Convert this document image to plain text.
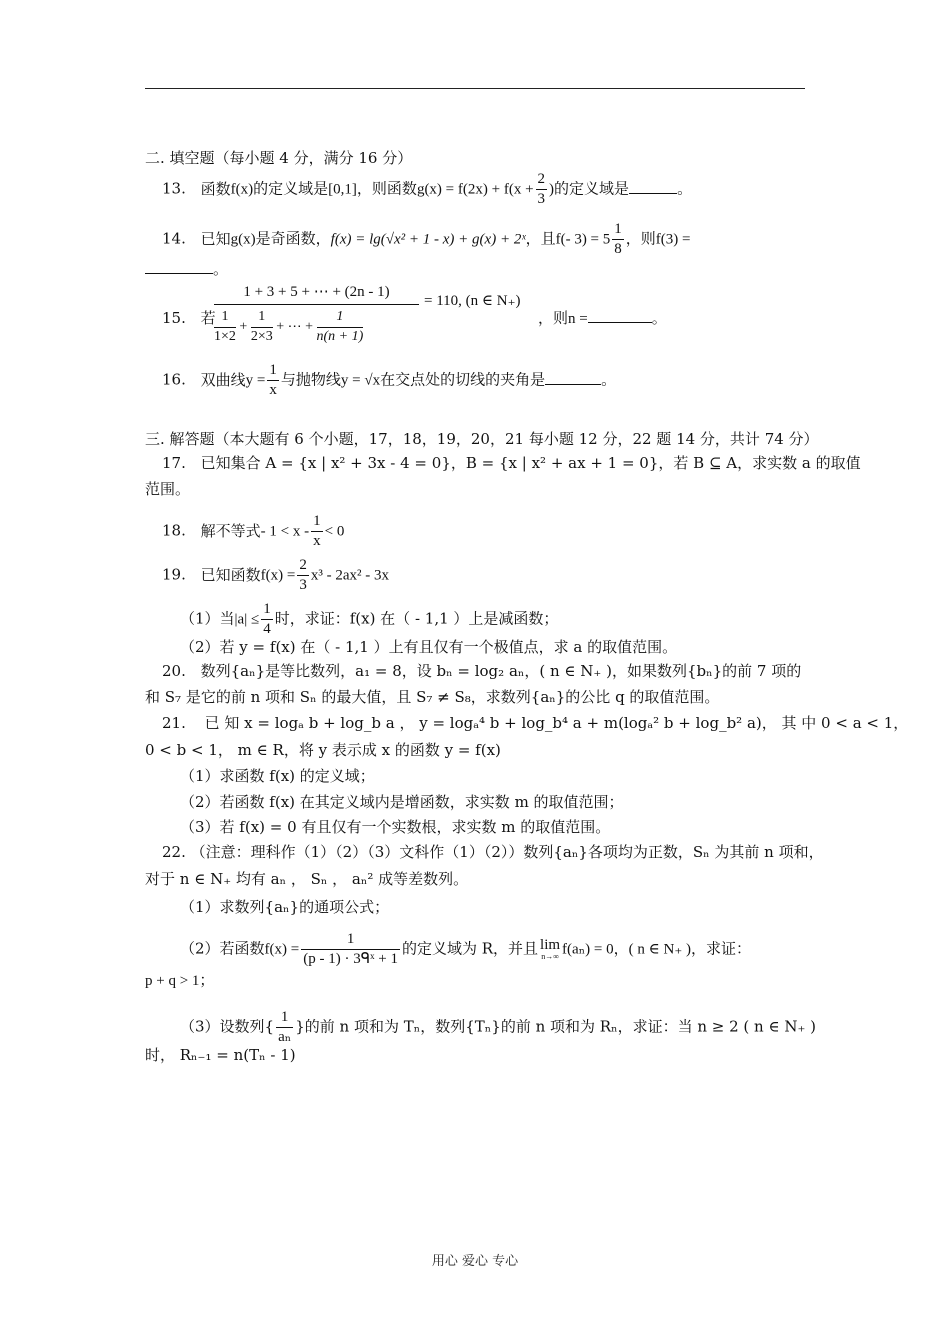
二. 填空题（每小题 4 分，满分 16 分）
13. 函数f(x)的定义域是[0,1]，则函数$g(x) = f(2x) + f(x + \frac{2}{3}$ )的定义域是	。
14. 已知g(x)是奇函数，f(x) = lg(√x² + 1 - x) + g(x) + 2ˣ，且f(- $3) = 5 \frac{1}{8}$ ，则f(3) =
。
15. 若
1 + 3 + 5 + ⋯ + (2n - 1)
$\frac{1}{1\times 2} + \frac{1}{2\times 3}$ + ⋯ + $\frac{1}{n(n + 1)}$
= 110, (n ∈ N₊)
，则n =	。
16. 双曲线$y = \frac{1}{x}$ 与抛物线y = √x在交点处的切线的夹角是	。
三. 解答题（本大题有 6 个小题，17，18，19，20，21 每小题 12 分，22 题 14 分，共计 74 分）
17. 已知集合 A = {x | x² + 3x - 4 = 0}，B = {x | x² + ax + 1 = 0}，若 B ⊆ A，求实数 a 的取值
范围。
18. 解不等式- $1 < x - \frac{1}{x} < 0$
19. 已知函数$f(x) = \frac{2}{3} x^3 - 2ax^2 - 3x$
（1）当$|a| \le \frac{1}{4}$ 时，求证：f(x) 在（ - 1,1 ）上是减函数；
（2）若 y = f(x) 在（ - 1,1 ）上有且仅有一个极值点，求 a 的取值范围。
20. 数列{aₙ}是等比数列，a₁ = 8，设 bₙ = log₂ aₙ，( n ∈ N₊ )，如果数列{bₙ}的前 7 项的
和 S₇ 是它的前 n 项和 Sₙ 的最大值，且 S₇ ≠ S₈，求数列{aₙ}的公比 q 的取值范围。
21. 已 知 x = logₐ b + log_b a ， y = logₐ⁴ b + log_b⁴ a + m(logₐ² b + log_b² a)， 其 中 0 < a < 1，
0 < b < 1， m ∈ R，将 y 表示成 x 的函数 y = f(x)
（1）求函数 f(x) 的定义域；
（2）若函数 f(x) 在其定义域内是增函数，求实数 m 的取值范围；
（3）若 f(x) = 0 有且仅有一个实数根，求实数 m 的取值范围。
22. （注意：理科作（1）（2）（3）文科作（1）（2））数列{aₙ}各项均为正数，Sₙ 为其前 n 项和，
对于 n ∈ N₊ 均有 aₙ ， Sₙ ， aₙ² 成等差数列。
（1）求数列{aₙ}的通项公式；
（2）若函数$f(x) = \frac{1}{\text{(p - 1) · 3ᑫˣ + 1}}$ 的定义域为 R，并且 lim
n→∞ f(aₙ) = 0，( n ∈ N₊ )，求证：
p + q > 1；
（3）设数列{ $\frac{1}{\text{aₙ}}$ }的前 n 项和为 Tₙ，数列{Tₙ}的前 n 项和为 Rₙ，求证：当 n ≥ 2 ( n ∈ N₊ )
时， Rₙ₋₁ = n(Tₙ - 1)
用心 爱心 专心
